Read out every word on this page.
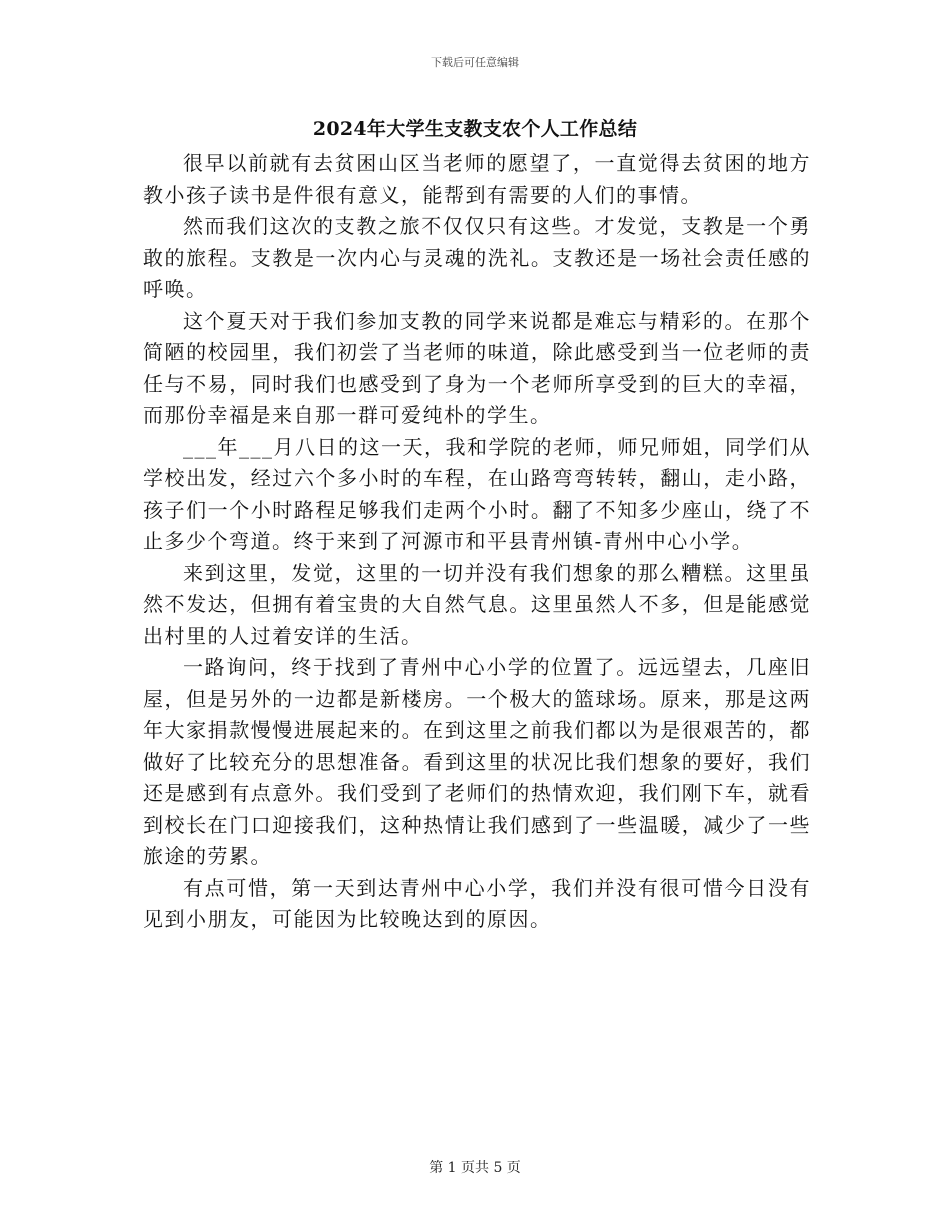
下载后可任意编辑
2024年大学生支教支农个人工作总结

很早以前就有去贫困山区当老师的愿望了，一直觉得去贫困的地方教小孩子读书是件很有意义，能帮到有需要的人们的事情。

然而我们这次的支教之旅不仅仅只有这些。才发觉，支教是一个勇敢的旅程。支教是一次内心与灵魂的洗礼。支教还是一场社会责任感的呼唤。

这个夏天对于我们参加支教的同学来说都是难忘与精彩的。在那个简陋的校园里，我们初尝了当老师的味道，除此感受到当一位老师的责任与不易，同时我们也感受到了身为一个老师所享受到的巨大的幸福，而那份幸福是来自那一群可爱纯朴的学生。

___年___月八日的这一天，我和学院的老师，师兄师姐，同学们从学校出发，经过六个多小时的车程，在山路弯弯转转，翻山，走小路，孩子们一个小时路程足够我们走两个小时。翻了不知多少座山，绕了不止多少个弯道。终于来到了河源市和平县青州镇-青州中心小学。

来到这里，发觉，这里的一切并没有我们想象的那么糟糕。这里虽然不发达，但拥有着宝贵的大自然气息。这里虽然人不多，但是能感觉出村里的人过着安详的生活。

一路询问，终于找到了青州中心小学的位置了。远远望去，几座旧屋，但是另外的一边都是新楼房。一个极大的篮球场。原来，那是这两年大家捐款慢慢进展起来的。在到这里之前我们都以为是很艰苦的，都做好了比较充分的思想准备。看到这里的状况比我们想象的要好，我们还是感到有点意外。我们受到了老师们的热情欢迎，我们刚下车，就看到校长在门口迎接我们，这种热情让我们感到了一些温暖，减少了一些旅途的劳累。

有点可惜，第一天到达青州中心小学，我们并没有很可惜今日没有见到小朋友，可能因为比较晚达到的原因。

第 1 页共 5 页
